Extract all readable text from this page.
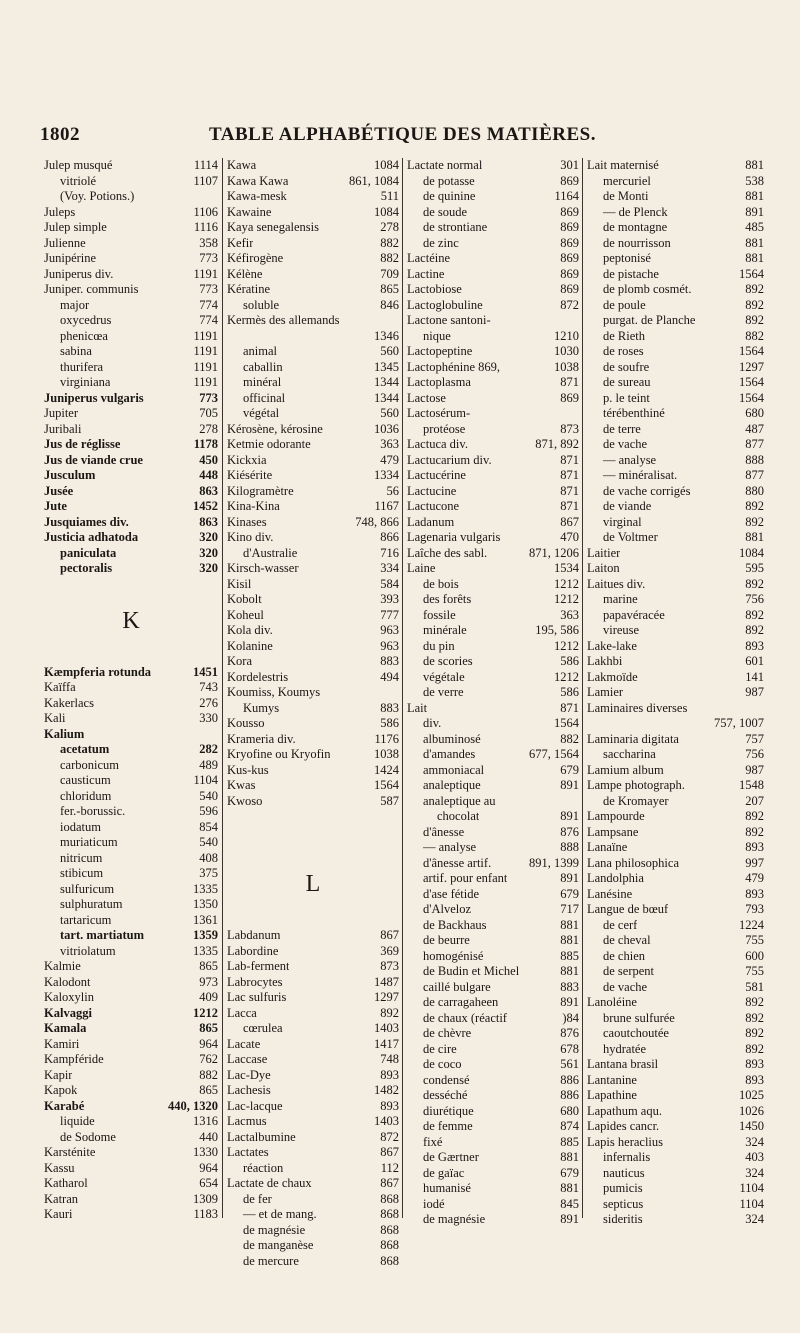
1802	TABLE ALPHABÉTIQUE DES MATIÈRES.
Julep musqué	1114
vitriolé	1107
(Voy. Potions.)
Juleps	1106
Julep simple	1116
Julienne	358
Junipérine	773
Juniperus div.	1191
Juniper. communis	773
major	774
oxycedrus	774
phenicœa	1191
sabina	1191
thurifera	1191
virginiana	1191
Juniperus vulgaris	773
Jupiter	705
Juribali	278
Jus de réglisse	1178
Jus de viande crue	450
Jusculum	448
Jusée	863
Jute	1452
Jusquiames div.	863
Justicia adhatoda	320
paniculata	320
pectoralis	320
K
Kæmpferia rotunda	1451
Kaïffa	743
Kakerlacs	276
Kali	330
Kalium
acetatum	282
carbonicum	489
causticum	1104
chloridum	540
fer.-borussic.	596
iodatum	854
muriaticum	540
nitricum	408
stibicum	375
sulfuricum	1335
sulphuratum	1350
tartaricum	1361
tart. martiatum	1359
vitriolatum	1335
Kalmie	865
Kalodont	973
Kaloxylin	409
Kalvaggi	1212
Kamala	865
Kamiri	964
Kampféride	762
Kapir	882
Kapok	865
Karabé	440, 1320
liquide	1316
de Sodome	440
Karsténite	1330
Kassu	964
Katharol	654
Katran	1309
Kauri	1183
Kawa	1084
Kawa Kawa	861, 1084
Kawa-mesk	511
Kawaine	1084
Kaya senegalensis	278
Kefir	882
Kéfirogène	882
Kélène	709
Kératine	865
soluble	846
Kermès des allemands
1346
animal	560
caballin	1345
minéral	1344
officinal	1344
végétal	560
Kérosène, kérosine	1036
Ketmie odorante	363
Kickxia	479
Kiésérite	1334
Kilogramètre	56
Kina-Kina	1167
Kinases	748, 866
Kino div.	866
d'Australie	716
Kirsch-wasser	334
Kisil	584
Kobolt	393
Koheul	777
Kola div.	963
Kolanine	963
Kora	883
Kordelestris	494
Koumiss, Koumys
Kumys	883
Kousso	586
Krameria div.	1176
Kryofine ou Kryofin	1038
Kus-kus	1424
Kwas	1564
Kwoso	587
L
Labdanum	867
Labordine	369
Lab-ferment	873
Labrocytes	1487
Lac sulfuris	1297
Lacca	892
cœrulea	1403
Lacate	1417
Laccase	748
Lac-Dye	893
Lachesis	1482
Lac-lacque	893
Lacmus	1403
Lactalbumine	872
Lactates	867
réaction	112
Lactate de chaux	867
de fer	868
— et de mang.	868
de magnésie	868
de manganèse	868
de mercure	868
Lactate normal	301
de potasse	869
de quinine	1164
de soude	869
de strontiane	869
de zinc	869
Lactéine	869
Lactine	869
Lactobiose	869
Lactoglobuline	872
Lactone santoni-
nique	1210
Lactopeptine	1030
Lactophénine 869,	1038
Lactoplasma	871
Lactose	869
Lactosérum-
protéose	873
Lactuca div.	871, 892
Lactucarium div.	871
Lactucérine	871
Lactucine	871
Lactucone	871
Ladanum	867
Lagenaria vulgaris	470
Laîche des sabl.	871, 1206
Laine	1534
de bois	1212
des forêts	1212
fossile	363
minérale	195, 586
du pin	1212
de scories	586
végétale	1212
de verre	586
Lait	871
div.	1564
albuminosé	882
d'amandes	677, 1564
ammoniacal	679
analeptique	891
analeptique au
chocolat	891
d'ânesse	876
— analyse	888
d'ânesse artif.	891, 1399
artif. pour enfant	891
d'ase fétide	679
d'Alveloz	717
de Backhaus	881
de beurre	881
homogénisé	885
de Budin et Michel	881
caillé bulgare	883
de carragaheen	891
de chaux (réactif	)84
de chèvre	876
de cire	678
de coco	561
condensé	886
desséché	886
diurétique	680
de femme	874
fixé	885
de Gærtner	881
de gaïac	679
humanisé	881
iodé	845
de magnésie	891
Lait maternisé	881
mercuriel	538
de Monti	881
— de Plenck	891
de montagne	485
de nourrisson	881
peptonisé	881
de pistache	1564
de plomb cosmét.	892
de poule	892
purgat. de Planche	892
de Rieth	882
de roses	1564
de soufre	1297
de sureau	1564
p. le teint	1564
térébenthiné	680
de terre	487
de vache	877
— analyse	888
— minéralisat.	877
de vache corrigés	880
de viande	892
virginal	892
de Voltmer	881
Laitier	1084
Laiton	595
Laitues div.	892
marine	756
papavéracée	892
vireuse	892
Lake-lake	893
Lakhbi	601
Lakmoïde	141
Lamier	987
Laminaires diverses
757, 1007
Laminaria digitata	757
saccharina	756
Lamium album	987
Lampe photograph.	1548
de Kromayer	207
Lampourde	892
Lampsane	892
Lanaïne	893
Lana philosophica	997
Landolphia	479
Lanésine	893
Langue de bœuf	793
de cerf	1224
de cheval	755
de chien	600
de serpent	755
de vache	581
Lanoléine	892
brune sulfurée	892
caoutchoutée	892
hydratée	892
Lantana brasil	893
Lantanine	893
Lapathine	1025
Lapathum aqu.	1026
Lapides cancr.	1450
Lapis heraclius	324
infernalis	403
nauticus	324
pumicis	1104
septicus	1104
sideritis	324
